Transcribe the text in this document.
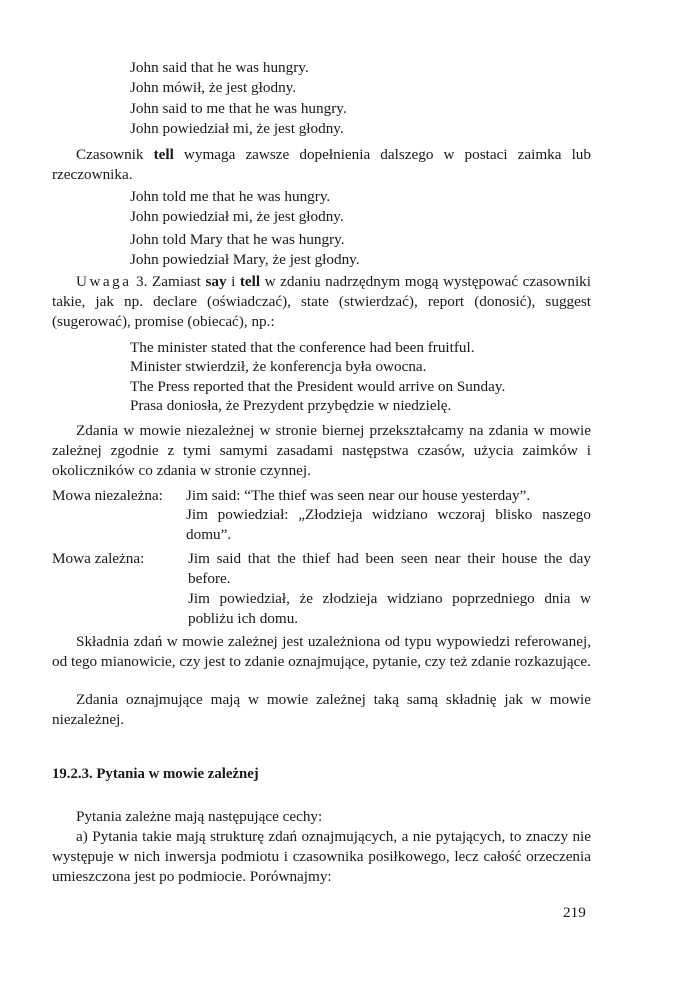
John said that he was hungry.
John mówił, że jest głodny.
John said to me that he was hungry.
John powiedział mi, że jest głodny.
Czasownik tell wymaga zawsze dopełnienia dalszego w postaci zaimka lub rzeczownika.
John told me that he was hungry.
John powiedział mi, że jest głodny.
John told Mary that he was hungry.
John powiedział Mary, że jest głodny.
Uwaga 3. Zamiast say i tell w zdaniu nadrzędnym mogą występować czasowniki takie, jak np. declare (oświadczać), state (stwierdzać), report (donosić), suggest (sugerować), promise (obiecać), np.:
The minister stated that the conference had been fruitful.
Minister stwierdził, że konferencja była owocna.
The Press reported that the President would arrive on Sunday.
Prasa doniosła, że Prezydent przybędzie w niedzielę.
Zdania w mowie niezależnej w stronie biernej przekształcamy na zdania w mowie zależnej zgodnie z tymi samymi zasadami następstwa czasów, użycia zaimków i okoliczników co zdania w stronie czynnej.
Mowa niezależna: Jim said: “The thief was seen near our house yesterday”.
Jim powiedział: „Złodzieja widziano wczoraj blisko naszego domu”.
Mowa zależna:	Jim said that the thief had been seen near their house the day before.
Jim powiedział, że złodzieja widziano poprzedniego dnia w pobliżu ich domu.
Składnia zdań w mowie zależnej jest uzależniona od typu wypowiedzi referowanej, od tego mianowicie, czy jest to zdanie oznajmujące, pytanie, czy też zdanie rozkazujące.
Zdania oznajmujące mają w mowie zależnej taką samą składnię jak w mowie niezależnej.
19.2.3. Pytania w mowie zależnej
Pytania zależne mają następujące cechy:
a) Pytania takie mają strukturę zdań oznajmujących, a nie pytających, to znaczy nie występuje w nich inwersja podmiotu i czasownika posiłkowego, lecz całość orzeczenia umieszczona jest po podmiocie. Porównajmy:
219
